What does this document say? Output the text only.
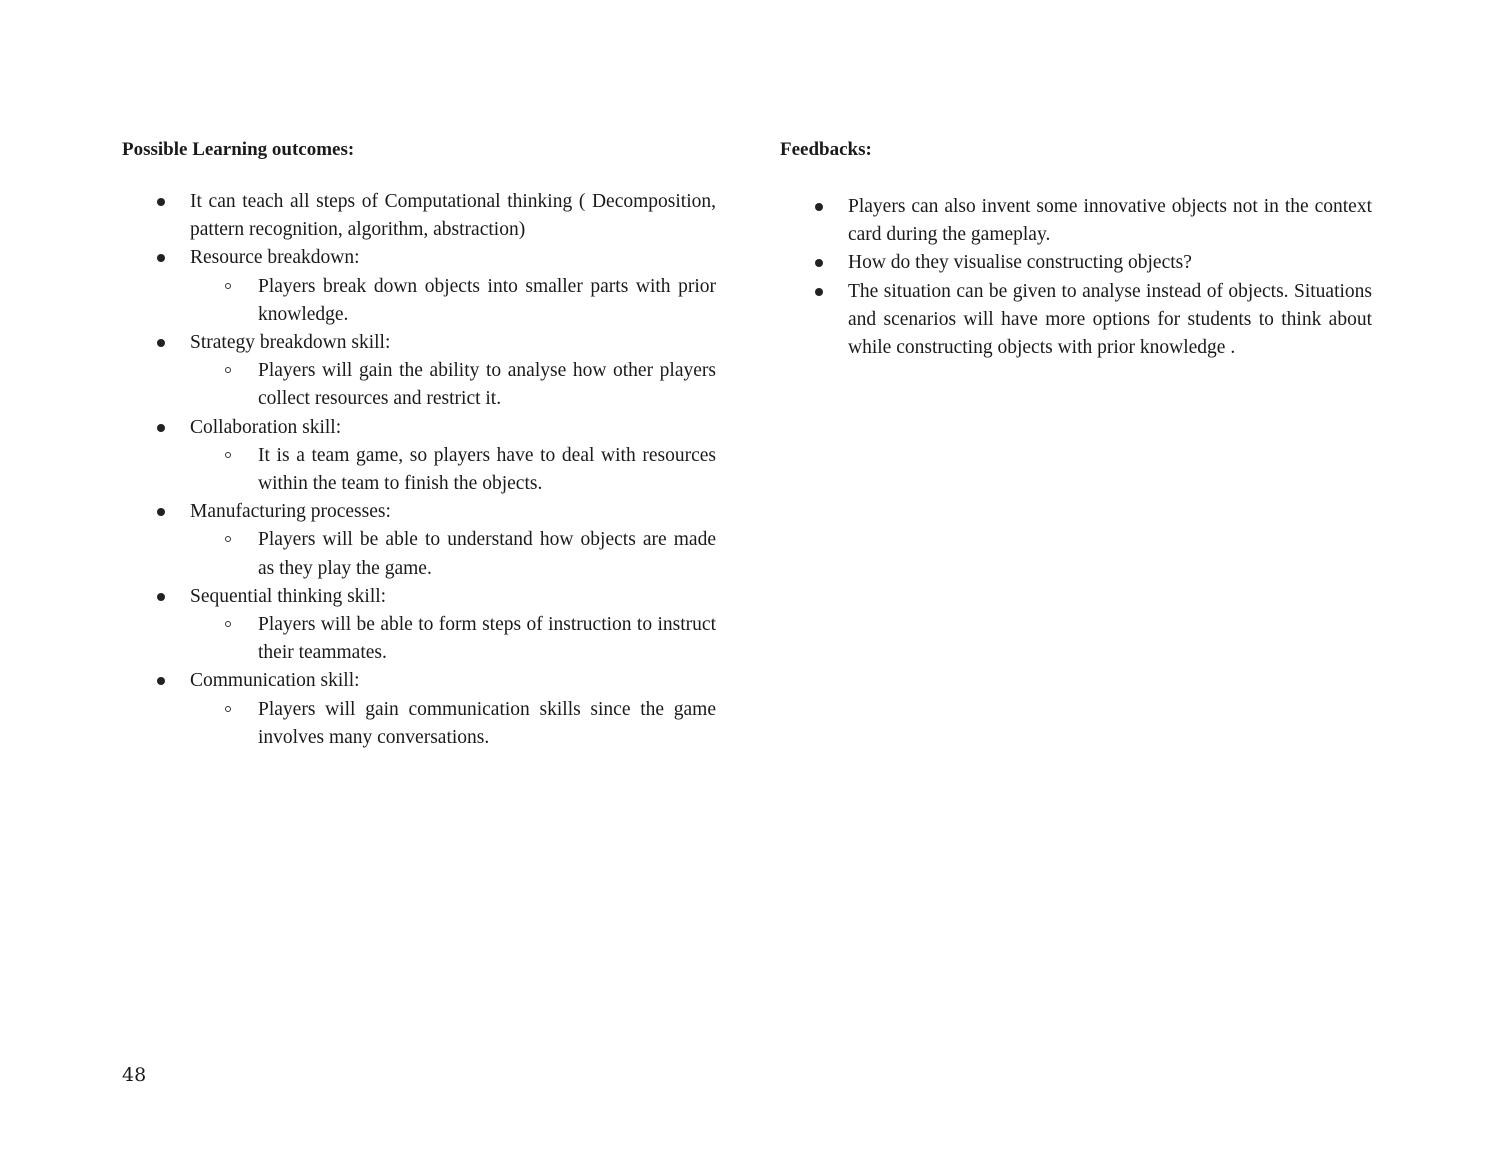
Possible Learning outcomes:

It can teach all steps of Computational thinking ( Decomposition, pattern recognition, algorithm, abstraction)
Resource breakdown:
Players break down objects into smaller parts with prior knowledge.
Strategy breakdown skill:
Players will gain the ability to analyse how other players collect resources and restrict it.
Collaboration skill:
It is a team game, so players have to deal with resources within the team to finish the objects.
Manufacturing processes:
Players will be able to understand how objects are made as they play the game.
Sequential thinking skill:
Players will be able to form steps of instruction to instruct their teammates.
Communication skill:
Players will gain communication skills since the game involves many conversations.

Feedbacks:

Players can also invent some innovative objects not in the context card during the gameplay.
How do they visualise constructing objects?
The situation can be given to analyse instead of objects. Situations and scenarios will have more options for students to think about while constructing objects with prior knowledge .
48
